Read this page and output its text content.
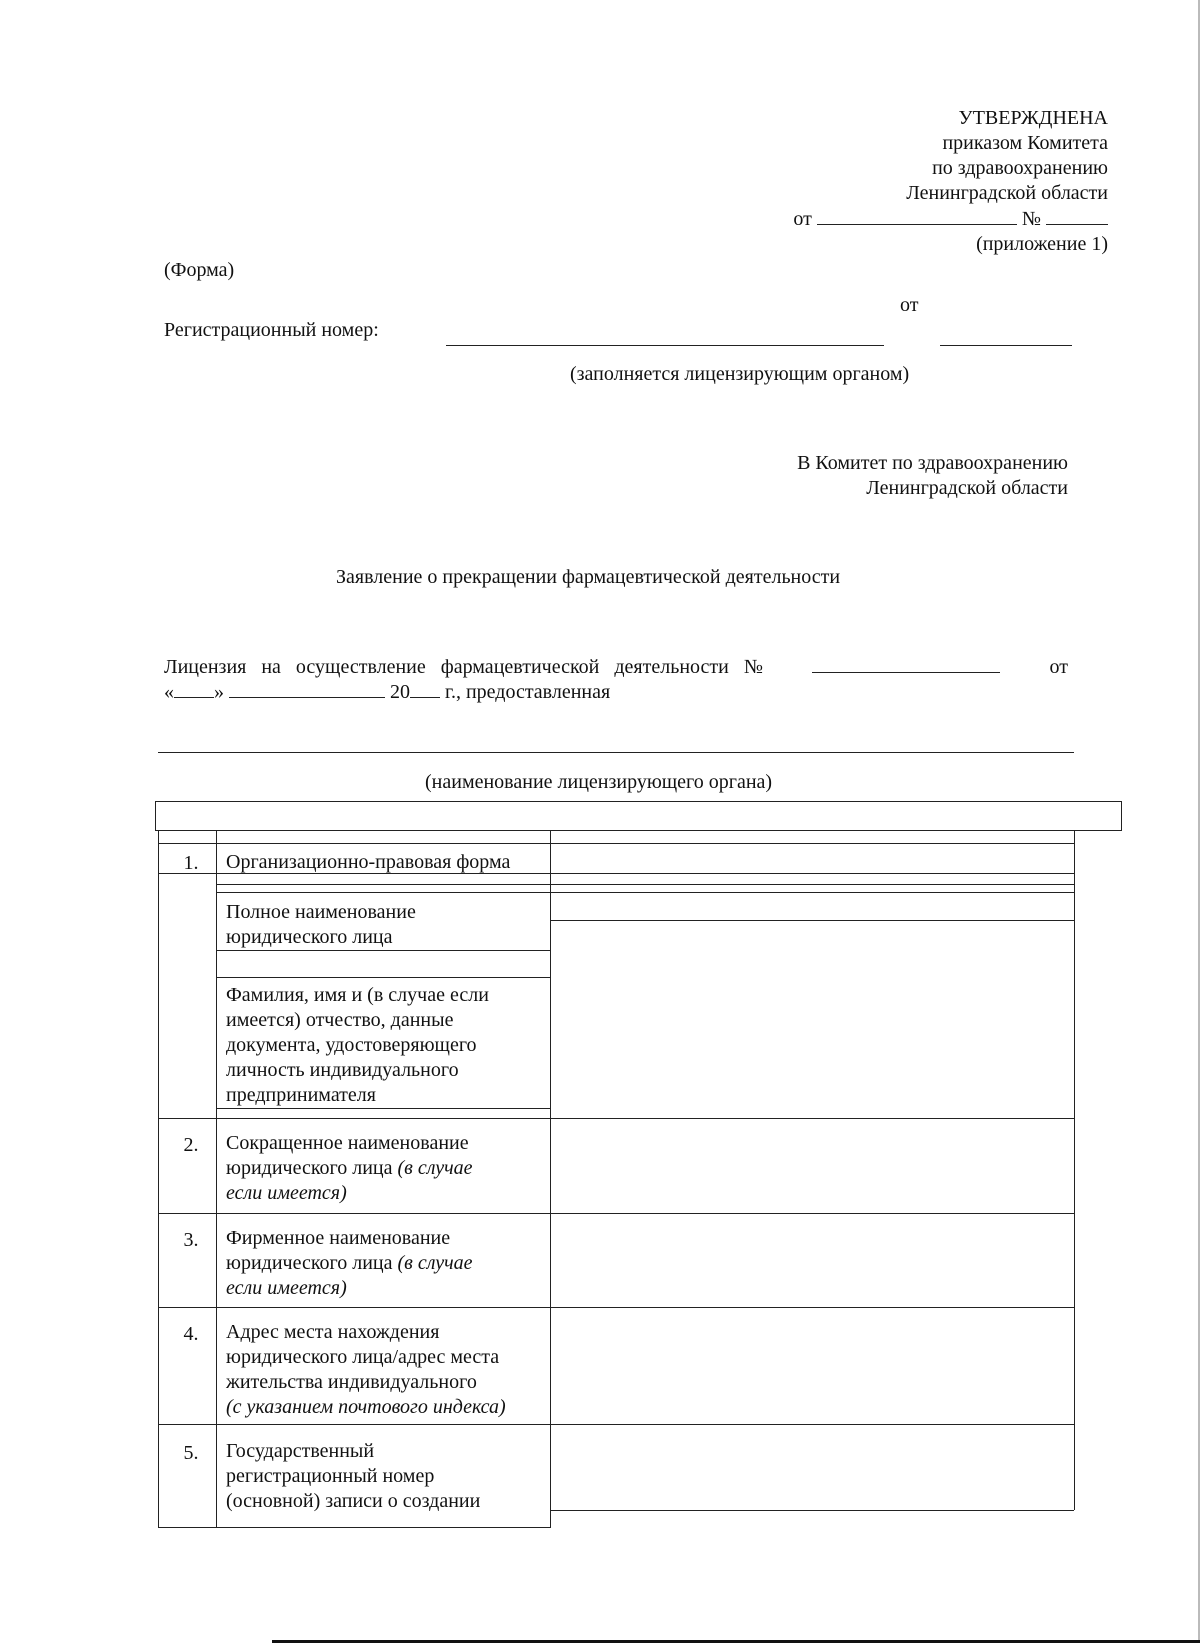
УТВЕРЖДНЕНА
приказом Комитета
по здравоохранению
Ленинградской области
от	№
(приложение 1)
(Форма)
от
Регистрационный номер:
(заполняется лицензирующим органом)
В Комитет по здравоохранению
Ленинградской области
Заявление о прекращении фармацевтической деятельности
Лицензия на осуществление фармацевтической деятельности №	от
« »	20 г., предоставленная
(наименование лицензирующего органа)
1.	Организационно-правовая форма
Полное наименование
юридического лица
Фамилия, имя и (в случае если
имеется) отчество, данные
документа, удостоверяющего
личность индивидуального
предпринимателя
2.	Сокращенное наименование
юридического лица (в случае
если имеется)
3.	Фирменное наименование
юридического лица (в случае
если имеется)
4.	Адрес места нахождения
юридического лица/адрес места
жительства индивидуального
(с указанием почтового индекса)
5.	Государственный
регистрационный номер
(основной) записи о создании
